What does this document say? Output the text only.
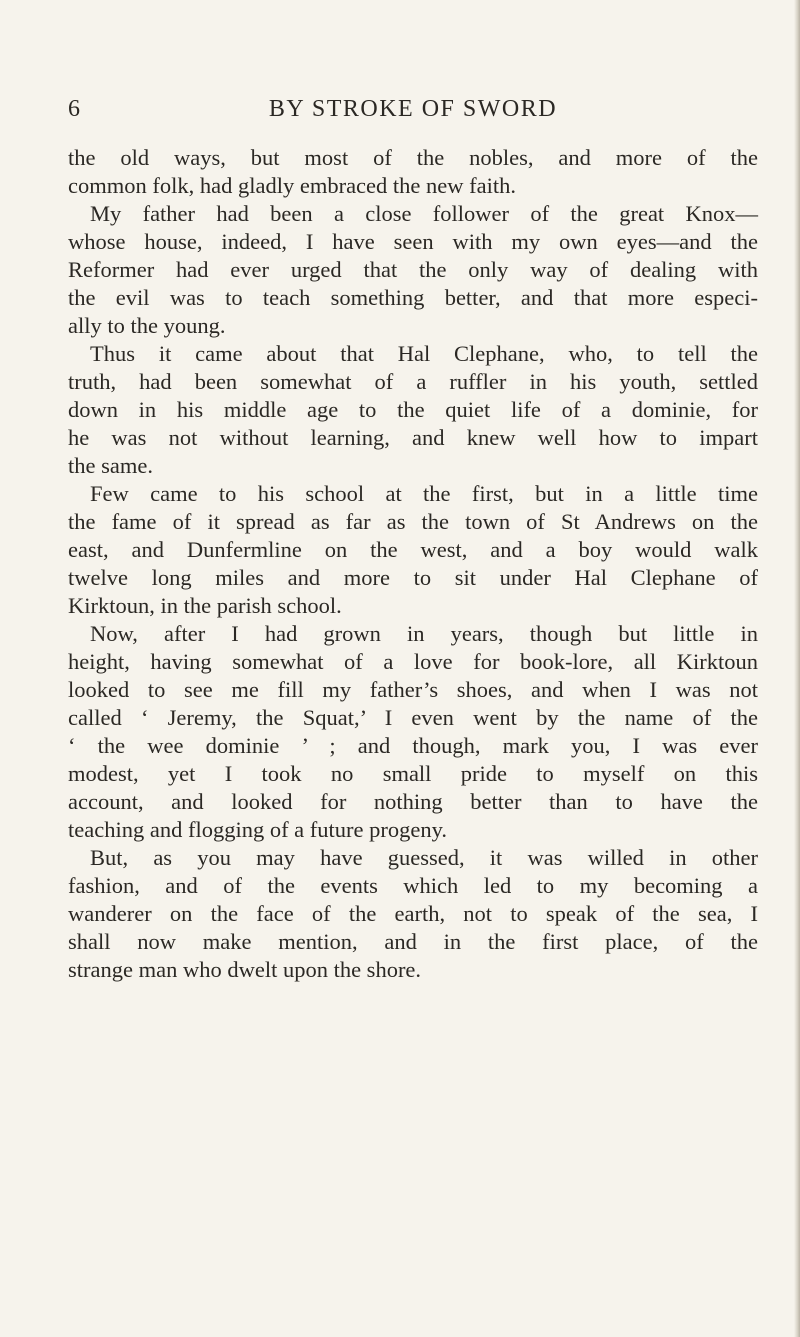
6	BY STROKE OF SWORD
the old ways, but most of the nobles, and more of the
common folk, had gladly embraced the new faith.
My father had been a close follower of the great Knox—
whose house, indeed, I have seen with my own eyes—and the
Reformer had ever urged that the only way of dealing with
the evil was to teach something better, and that more especi-
ally to the young.
Thus it came about that Hal Clephane, who, to tell the
truth, had been somewhat of a ruffler in his youth, settled
down in his middle age to the quiet life of a dominie, for
he was not without learning, and knew well how to impart
the same.
Few came to his school at the first, but in a little time
the fame of it spread as far as the town of St Andrews on the
east, and Dunfermline on the west, and a boy would walk
twelve long miles and more to sit under Hal Clephane of
Kirktoun, in the parish school.
Now, after I had grown in years, though but little in
height, having somewhat of a love for book-lore, all Kirktoun
looked to see me fill my father’s shoes, and when I was not
called ‘ Jeremy, the Squat,’ I even went by the name of the
‘ the wee dominie ’ ; and though, mark you, I was ever
modest, yet I took no small pride to myself on this
account, and looked for nothing better than to have the
teaching and flogging of a future progeny.
But, as you may have guessed, it was willed in other
fashion, and of the events which led to my becoming a
wanderer on the face of the earth, not to speak of the sea, I
shall now make mention, and in the first place, of the
strange man who dwelt upon the shore.
